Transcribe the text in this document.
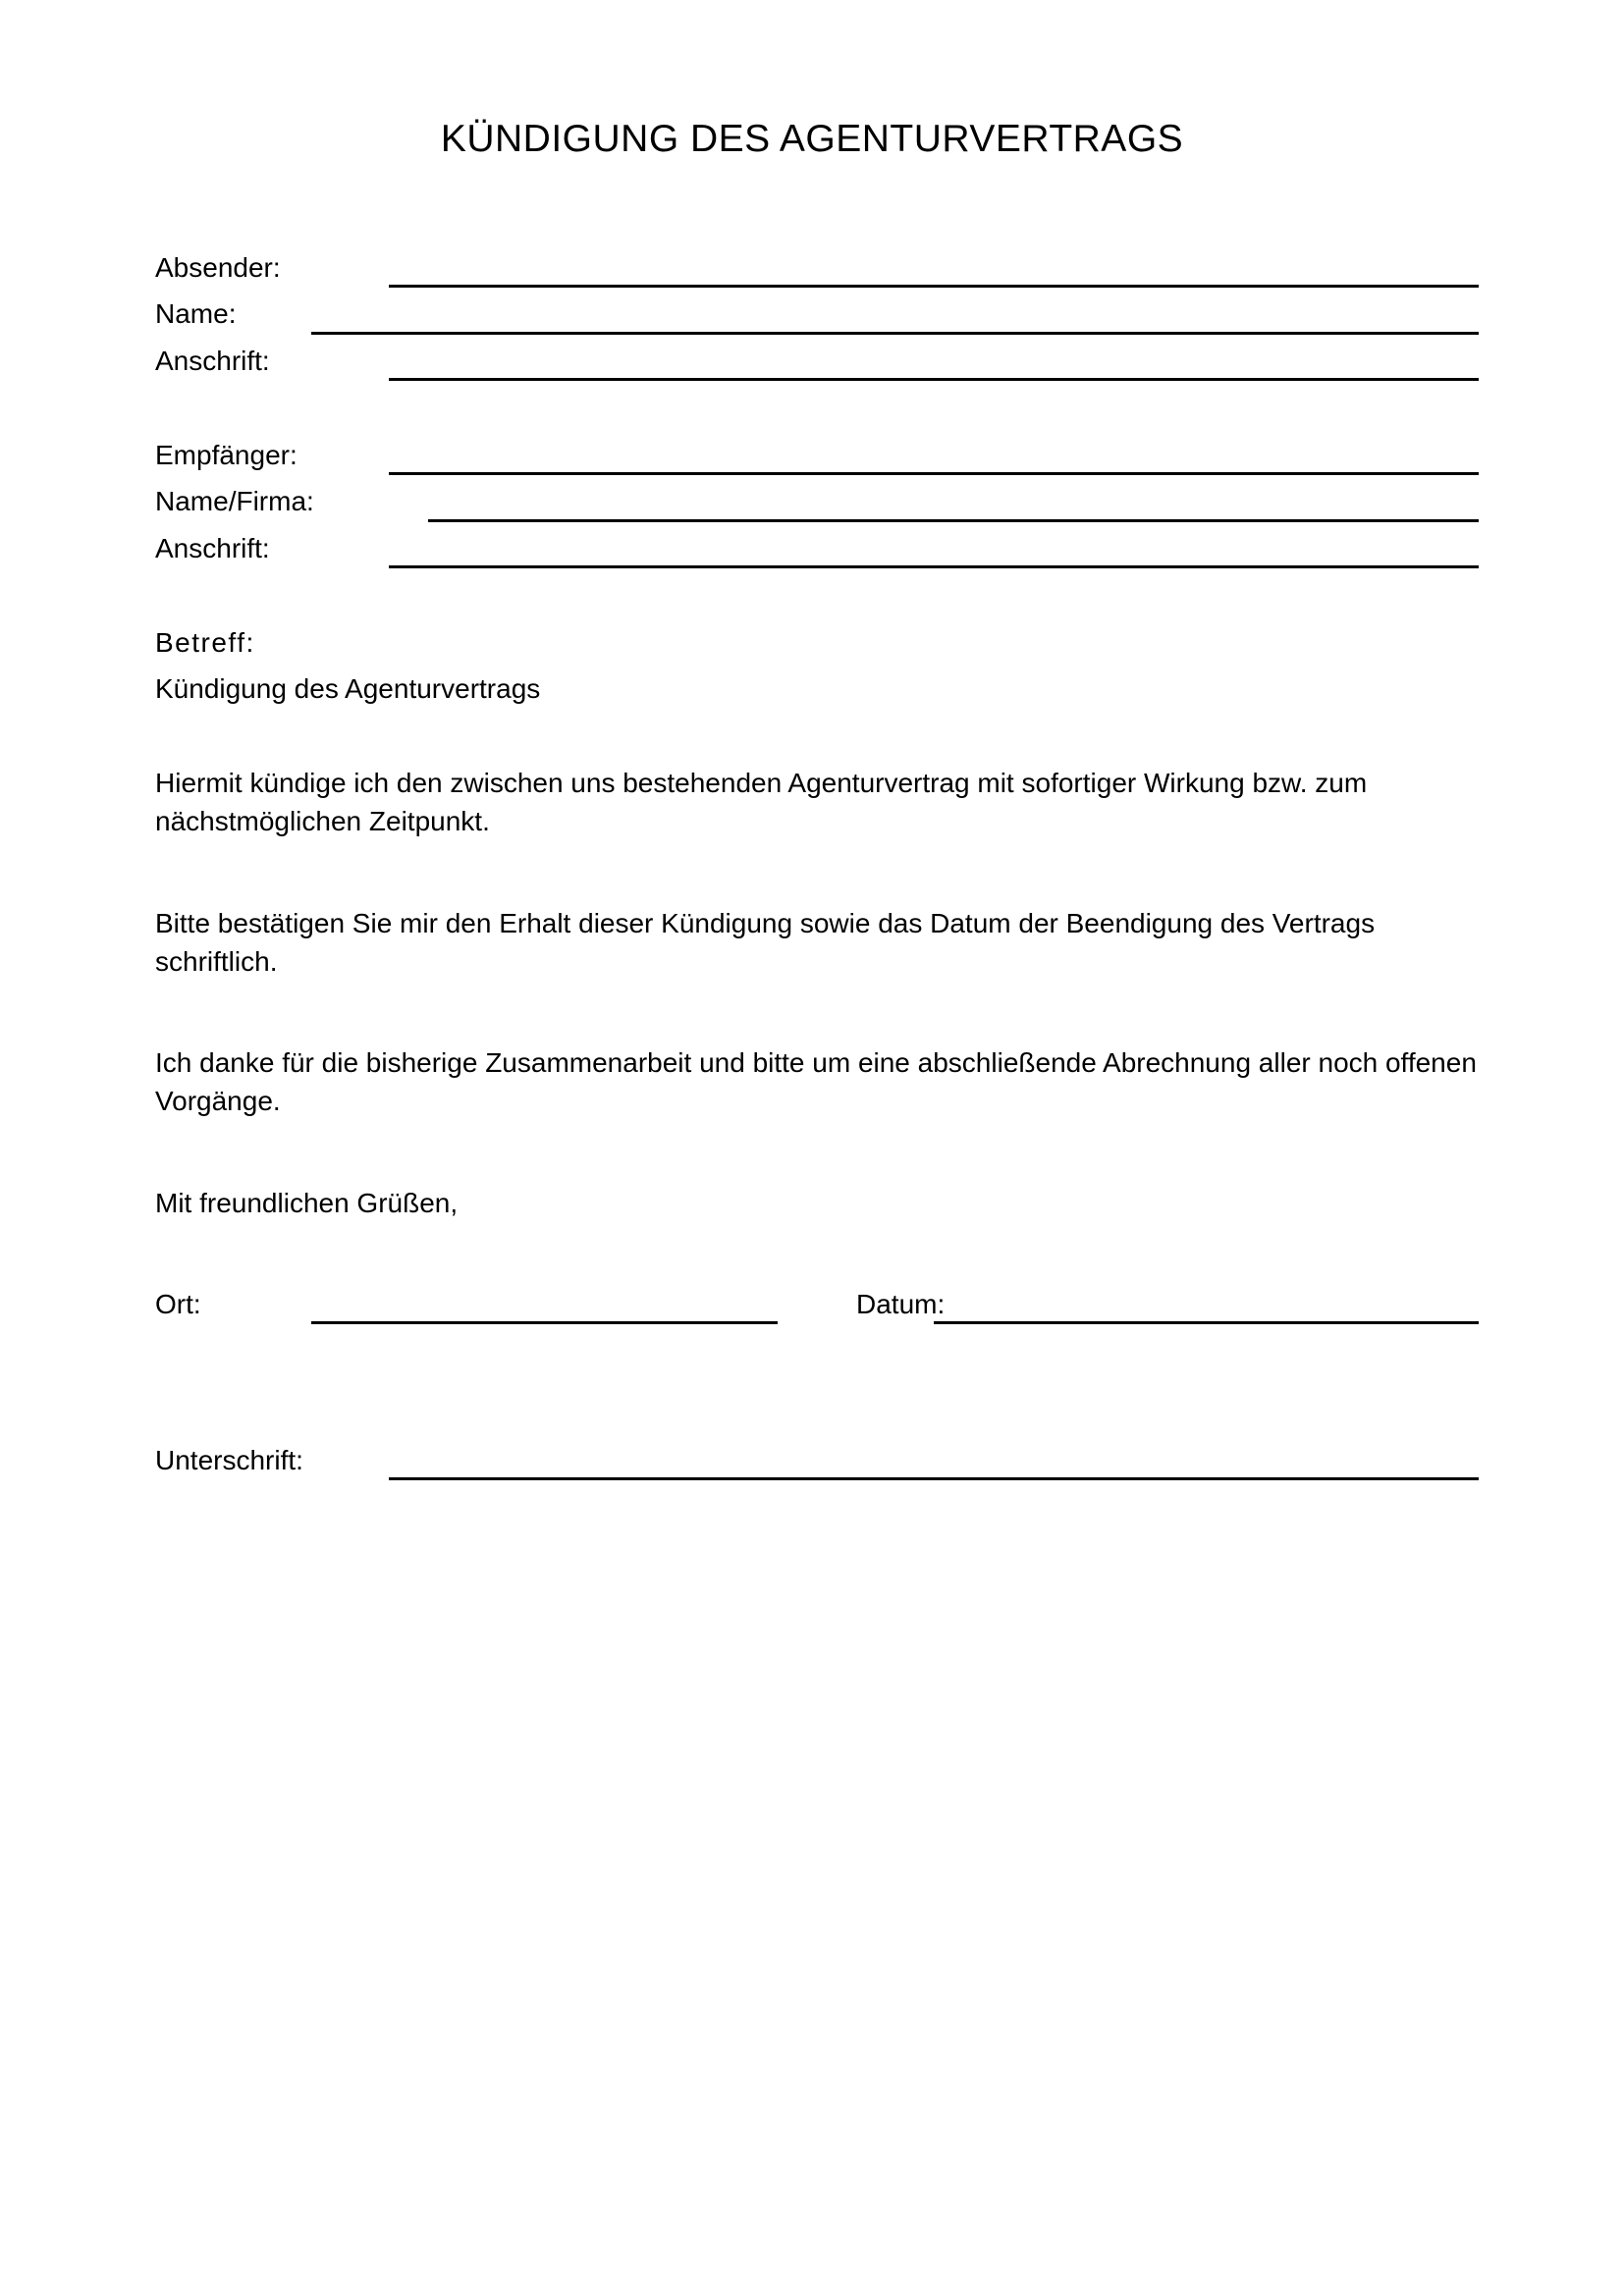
KÜNDIGUNG DES AGENTURVERTRAGS
Absender:
Name:
Anschrift:
Empfänger:
Name/Firma:
Anschrift:
Betreff:
Kündigung des Agenturvertrags
Hiermit kündige ich den zwischen uns bestehenden Agenturvertrag mit sofortiger Wirkung bzw. zum nächstmöglichen Zeitpunkt.
Bitte bestätigen Sie mir den Erhalt dieser Kündigung sowie das Datum der Beendigung des Vertrags schriftlich.
Ich danke für die bisherige Zusammenarbeit und bitte um eine abschließende Abrechnung aller noch offenen Vorgänge.
Mit freundlichen Grüßen,
Ort:	Datum:
Unterschrift:
